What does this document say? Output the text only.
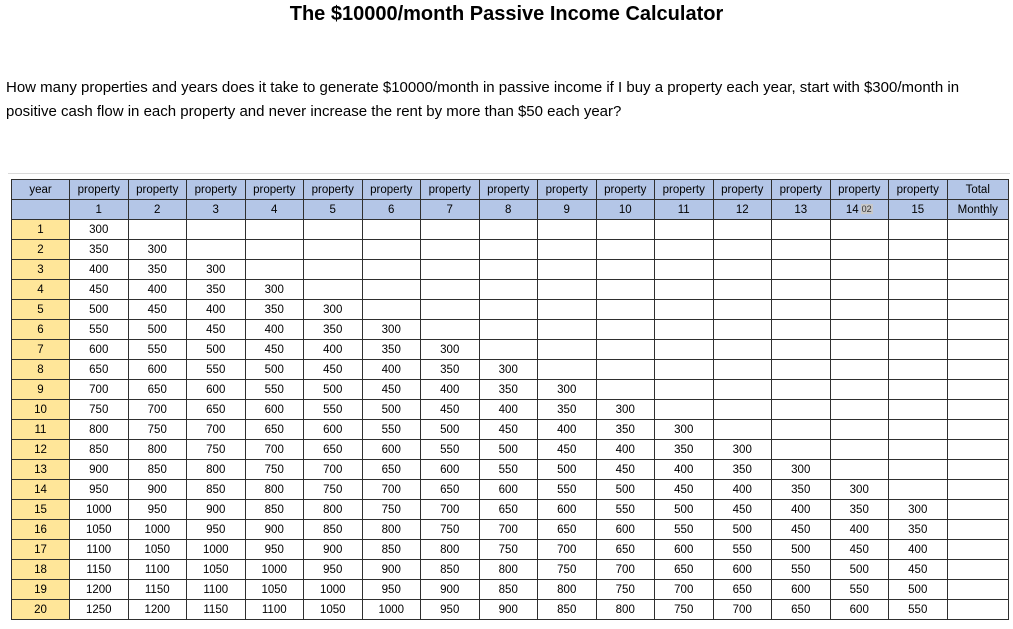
The $10000/month Passive Income Calculator
How many properties and years does it take to generate $10000/month in passive income if I buy a property each year, start with $300/month in positive cash flow in each property and never increase the rent by more than $50 each year?
year	property	property	property	property	property	property	property	property	property	property	property	property	property	property	property	Total	
	1	2	3	4	5	6	7	8	9	10	11	12	13	14 02	15	Monthly	
1	300																
2	350	300															
3	400	350	300														
4	450	400	350	300													
5	500	450	400	350	300												
6	550	500	450	400	350	300											
7	600	550	500	450	400	350	300										
8	650	600	550	500	450	400	350	300									
9	700	650	600	550	500	450	400	350	300								
10	750	700	650	600	550	500	450	400	350	300							
11	800	750	700	650	600	550	500	450	400	350	300						
12	850	800	750	700	650	600	550	500	450	400	350	300					
13	900	850	800	750	700	650	600	550	500	450	400	350	300				
14	950	900	850	800	750	700	650	600	550	500	450	400	350	300			
15	1000	950	900	850	800	750	700	650	600	550	500	450	400	350	300		
16	1050	1000	950	900	850	800	750	700	650	600	550	500	450	400	350		
17	1100	1050	1000	950	900	850	800	750	700	650	600	550	500	450	400		
18	1150	1100	1050	1000	950	900	850	800	750	700	650	600	550	500	450		
19	1200	1150	1100	1050	1000	950	900	850	800	750	700	650	600	550	500		
20	1250	1200	1150	1100	1050	1000	950	900	850	800	750	700	650	600	550		
